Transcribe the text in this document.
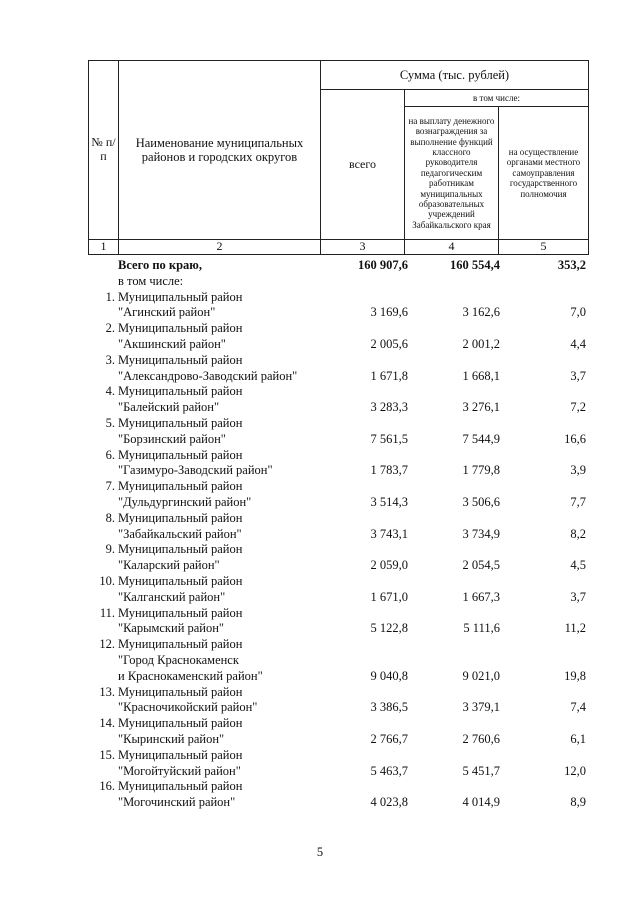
№ п/п	Наименование муниципальных районов и городских округов	Сумма (тыс. рублей)		
		всего	в том числе:	
			на выплату денежного вознаграждения за выполнение функций классного руководителя педагогическим работникам муниципальных образовательных учреждений Забайкальского края	на осуществление органами местного самоуправления государственного полномочия
1	2	3	4	5
Всего по краю,	160 907,6	160 554,4	353,2
в том числе:
1. Муниципальный район
"Агинский район"	3 169,6	3 162,6	7,0
2. Муниципальный район
"Акшинский район"	2 005,6	2 001,2	4,4
3. Муниципальный район
"Александрово-Заводский район"	1 671,8	1 668,1	3,7
4. Муниципальный район
"Балейский район"	3 283,3	3 276,1	7,2
5. Муниципальный район
"Борзинский район"	7 561,5	7 544,9	16,6
6. Муниципальный район
"Газимуро-Заводский район"	1 783,7	1 779,8	3,9
7. Муниципальный район
"Дульдургинский район"	3 514,3	3 506,6	7,7
8. Муниципальный район
"Забайкальский район"	3 743,1	3 734,9	8,2
9. Муниципальный район
"Каларский район"	2 059,0	2 054,5	4,5
10. Муниципальный район
"Калганский район"	1 671,0	1 667,3	3,7
11. Муниципальный район
"Карымский район"	5 122,8	5 111,6	11,2
12. Муниципальный район
"Город Краснокаменск
и Краснокаменский район"	9 040,8	9 021,0	19,8
13. Муниципальный район
"Красночикойский район"	3 386,5	3 379,1	7,4
14. Муниципальный район
"Кыринский район"	2 766,7	2 760,6	6,1
15. Муниципальный район
"Могойтуйский район"	5 463,7	5 451,7	12,0
16. Муниципальный район
"Могочинский район"	4 023,8	4 014,9	8,9
5
